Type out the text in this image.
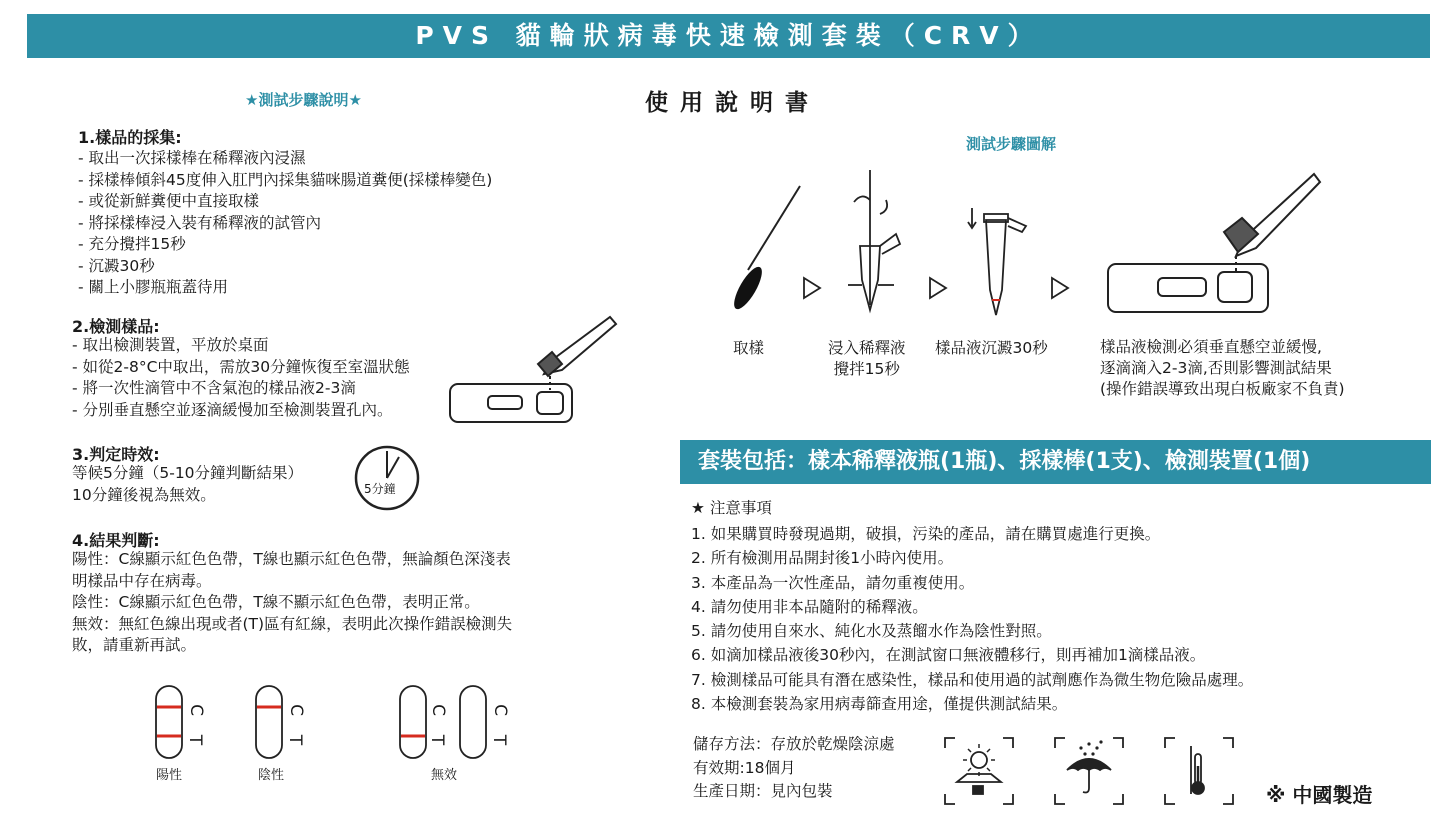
PVS 貓輪狀病毒快速檢測套裝（CRV）
★測試步驟說明★
1.樣品的採集:
- 取出一次採樣棒在稀釋液內浸濕
- 採樣棒傾斜45度伸入肛門內採集貓咪腸道糞便(採樣棒變色)
- 或從新鮮糞便中直接取樣
- 將採樣棒浸入裝有稀釋液的試管內
- 充分攪拌15秒
- 沉澱30秒
- 關上小膠瓶瓶蓋待用
2.檢測樣品:
- 取出檢測裝置，平放於桌面
- 如從2-8°C中取出，需放30分鐘恢復至室溫狀態
- 將一次性滴管中不含氣泡的樣品液2-3滴
- 分別垂直懸空並逐滴緩慢加至檢測裝置孔內。
3.判定時效:
等候5分鐘（5-10分鐘判斷結果）
10分鐘後視為無效。	5分鐘
4.結果判斷:
陽性：C線顯示紅色色帶，T線也顯示紅色色帶，無論顏色深淺表
明樣品中存在病毒。
陰性：C線顯示紅色色帶，T線不顯示紅色色帶，表明正常。
無效：無紅色線出現或者(T)區有紅線，表明此次操作錯誤檢測失
敗，請重新再試。
C
T
C
T
C
T
C
T
陽性	陰性	無效
使 用 說 明 書
測試步驟圖解
取樣	浸入稀釋液
攪拌15秒
樣品液沉澱30秒	樣品液檢測必須垂直懸空並緩慢,
逐滴滴入2-3滴,否則影響測試結果
(操作錯誤導致出現白板廠家不負責)
套裝包括：樣本稀釋液瓶(1瓶)、採樣棒(1支)、檢測裝置(1個)
★ 注意事項
1. 如果購買時發現過期，破損，污染的產品，請在購買處進行更換。
2. 所有檢測用品開封後1小時內使用。
3. 本產品為一次性產品，請勿重複使用。
4. 請勿使用非本品隨附的稀釋液。
5. 請勿使用自來水、純化水及蒸餾水作為陰性對照。
6. 如滴加樣品液後30秒內，在測試窗口無液體移行，則再補加1滴樣品液。
7. 檢測樣品可能具有潛在感染性，樣品和使用過的試劑應作為微生物危險品處理。
8. 本檢測套裝為家用病毒篩查用途，僅提供測試結果。
儲存方法：存放於乾燥陰涼處
有效期:18個月
生產日期：見內包裝	※ 中國製造
